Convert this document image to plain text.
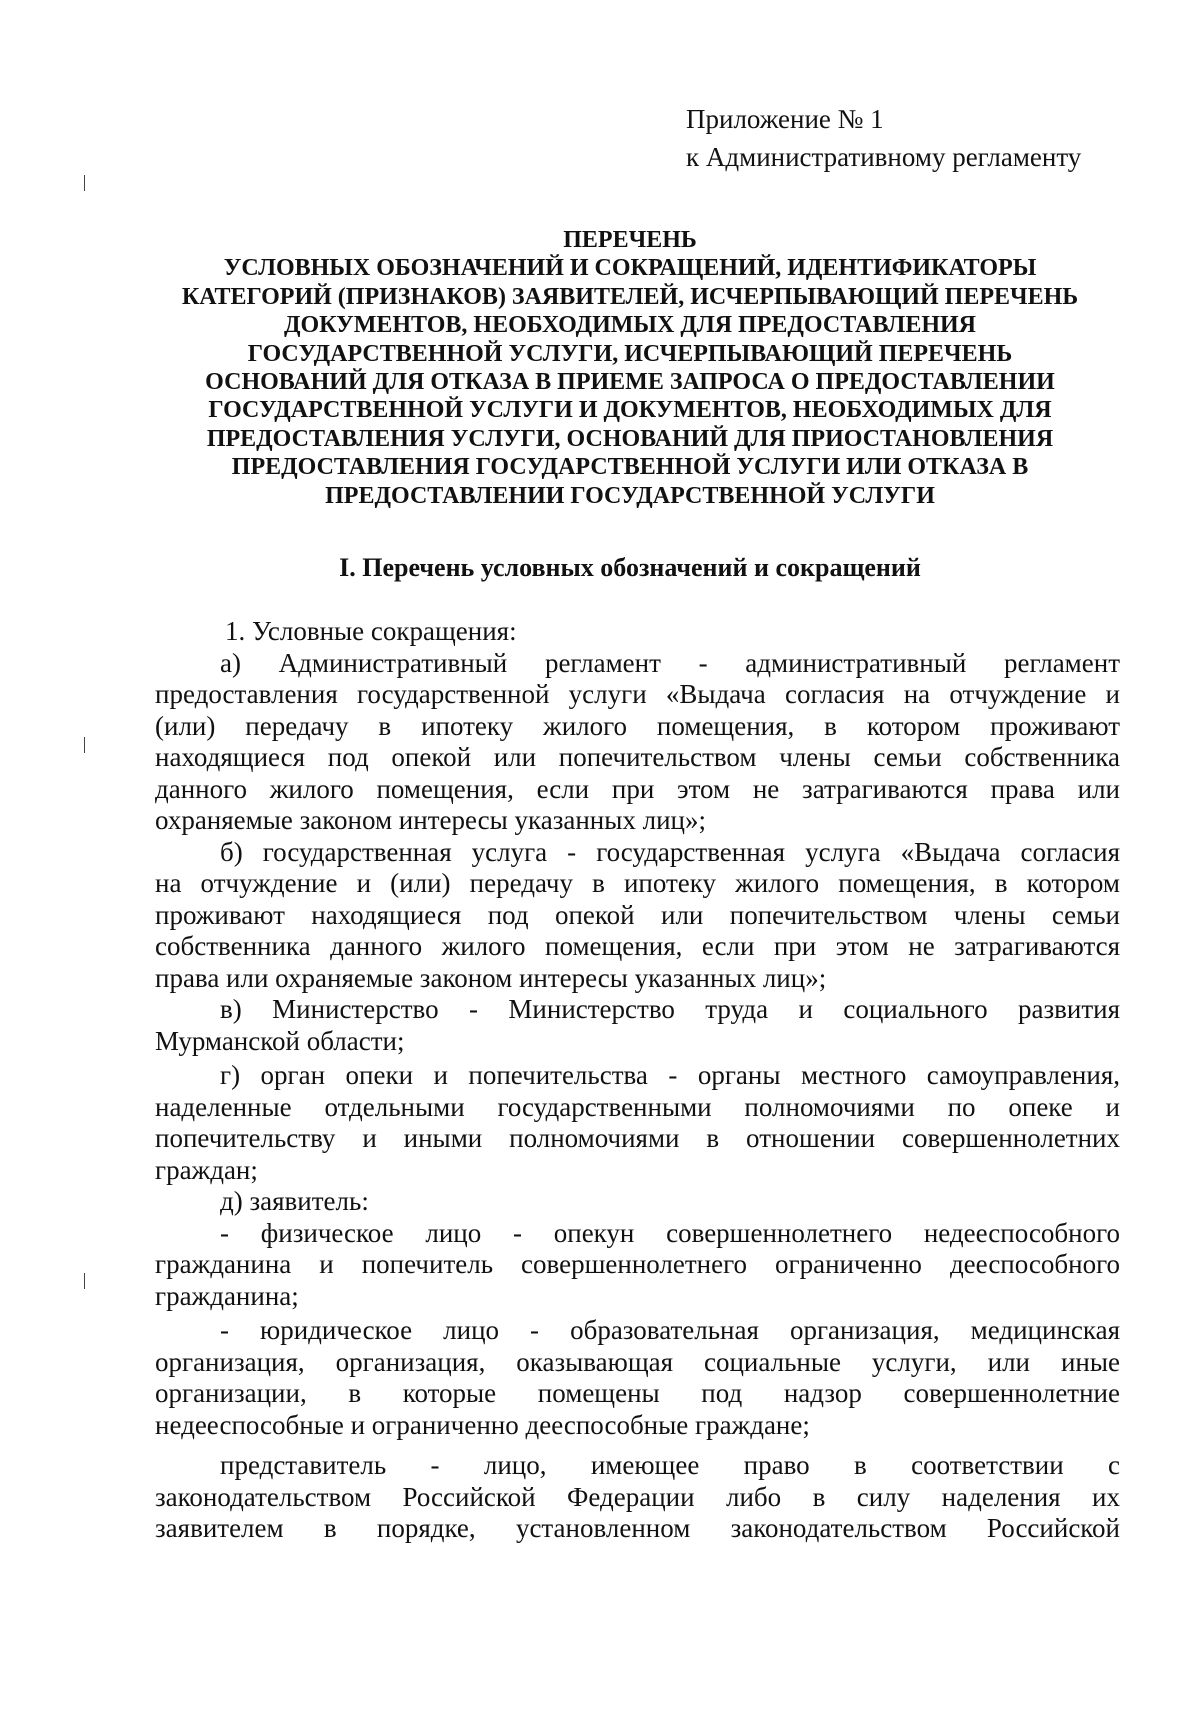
Приложение № 1
к Административному регламенту
ПЕРЕЧЕНЬ
УСЛОВНЫХ ОБОЗНАЧЕНИЙ И СОКРАЩЕНИЙ, ИДЕНТИФИКАТОРЫ
КАТЕГОРИЙ (ПРИЗНАКОВ) ЗАЯВИТЕЛЕЙ, ИСЧЕРПЫВАЮЩИЙ ПЕРЕЧЕНЬ
ДОКУМЕНТОВ, НЕОБХОДИМЫХ ДЛЯ ПРЕДОСТАВЛЕНИЯ
ГОСУДАРСТВЕННОЙ УСЛУГИ, ИСЧЕРПЫВАЮЩИЙ ПЕРЕЧЕНЬ
ОСНОВАНИЙ ДЛЯ ОТКАЗА В ПРИЕМЕ ЗАПРОСА О ПРЕДОСТАВЛЕНИИ
ГОСУДАРСТВЕННОЙ УСЛУГИ И ДОКУМЕНТОВ, НЕОБХОДИМЫХ ДЛЯ
ПРЕДОСТАВЛЕНИЯ УСЛУГИ, ОСНОВАНИЙ ДЛЯ ПРИОСТАНОВЛЕНИЯ
ПРЕДОСТАВЛЕНИЯ ГОСУДАРСТВЕННОЙ УСЛУГИ ИЛИ ОТКАЗА В
ПРЕДОСТАВЛЕНИИ ГОСУДАРСТВЕННОЙ УСЛУГИ
I. Перечень условных обозначений и сокращений
1. Условные сокращения:
а) Административный регламент - административный регламент
предоставления государственной услуги «Выдача согласия на отчуждение и
(или) передачу в ипотеку жилого помещения, в котором проживают
находящиеся под опекой или попечительством члены семьи собственника
данного жилого помещения, если при этом не затрагиваются права или
охраняемые законом интересы указанных лиц»;
б) государственная услуга - государственная услуга «Выдача согласия
на отчуждение и (или) передачу в ипотеку жилого помещения, в котором
проживают находящиеся под опекой или попечительством члены семьи
собственника данного жилого помещения, если при этом не затрагиваются
права или охраняемые законом интересы указанных лиц»;
в) Министерство - Министерство труда и социального развития
Мурманской области;
г) орган опеки и попечительства - органы местного самоуправления,
наделенные отдельными государственными полномочиями по опеке и
попечительству и иными полномочиями в отношении совершеннолетних
граждан;
д) заявитель:
- физическое лицо - опекун совершеннолетнего недееспособного
гражданина и попечитель совершеннолетнего ограниченно дееспособного
гражданина;
- юридическое лицо - образовательная организация, медицинская
организация, организация, оказывающая социальные услуги, или иные
организации, в которые помещены под надзор совершеннолетние
недееспособные и ограниченно дееспособные граждане;
представитель - лицо, имеющее право в соответствии с
законодательством Российской Федерации либо в силу наделения их
заявителем в порядке, установленном законодательством Российской
